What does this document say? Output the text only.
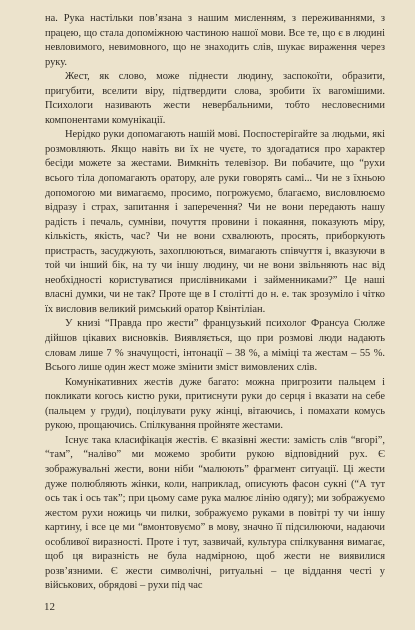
на. Рука настільки пов’язана з нашим мисленням, з переживаннями, з працею, що стала допоміжною частиною нашої мови. Все те, що є в людині невловимого, невимовного, що не знаходить слів, шукає вираження через руку.

Жест, як слово, може піднести людину, заспокоїти, образити, пригубити, вселити віру, підтвердити слова, зробити їх вагомішими. Психологи називають жести невербальними, тобто несловесними компонентами комунікації.

Нерідко руки допомагають нашій мові. Поспостерігайте за людьми, які розмовляють. Якщо навіть ви їх не чуєте, то здогадатися про характер бесіди можете за жестами. Вимкніть телевізор. Ви побачите, що “рухи всього тіла допомагають оратору, але руки говорять самі... Чи не з їхньою допомогою ми вимагаємо, просимо, погрожуємо, благаємо, висловлюємо відразу і страх, запитання і заперечення? Чи не вони передають нашу радість і печаль, сумніви, почуття провини і покаяння, показують міру, кількість, якість, час? Чи не вони схвалюють, просять, приборкують пристрасть, засуджують, захоплюються, вимагають співчуття і, вказуючи в той чи інший бік, на ту чи іншу людину, чи не вони звільняють нас від необхідності користуватися прислівниками і займенниками?” Це наші власні думки, чи не так? Проте ще в І столітті до н. е. так зрозуміло і чітко їх висловив великий римський оратор Квінтіліан.

У книзі “Правда про жести” французький психолог Франсуа Сюлже дійшов цікавих висновків. Виявляється, що при розмові люди надають словам лише 7 % значущості, інтонації – 38 %, а міміці та жестам – 55 %. Всього лише один жест може змінити зміст вимовлених слів.

Комунікативних жестів дуже багато: можна пригрозити пальцем і покликати когось кистю руки, притиснути руки до серця і вказати на себе (пальцем у груди), поцілувати руку жінці, вітаючись, і помахати комусь рукою, прощаючись. Спілкування пройняте жестами.

Існує така класифікація жестів. Є вказівні жести: замість слів “вгорі”, “там”, “наліво” ми можемо зробити рукою відповідний рух. Є зображувальні жести, вони ніби “малюють” фрагмент ситуації. Ці жести дуже полюбляють жінки, коли, наприклад, описують фасон сукні (“А тут ось так і ось так”; при цьому саме рука малює лінію одягу); ми зображуємо жестом рухи ножиць чи пилки, зображуємо руками в повітрі ту чи іншу картину, і все це ми “вмонтовуємо” в мову, значно її підсилюючи, надаючи особливої виразності. Проте і тут, зазвичай, культура спілкування вимагає, щоб ця виразність не була надмірною, щоб жести не виявилися розв’язними. Є жести символічні, ритуальні – це віддання честі у військових, обрядові – рухи під час

12
